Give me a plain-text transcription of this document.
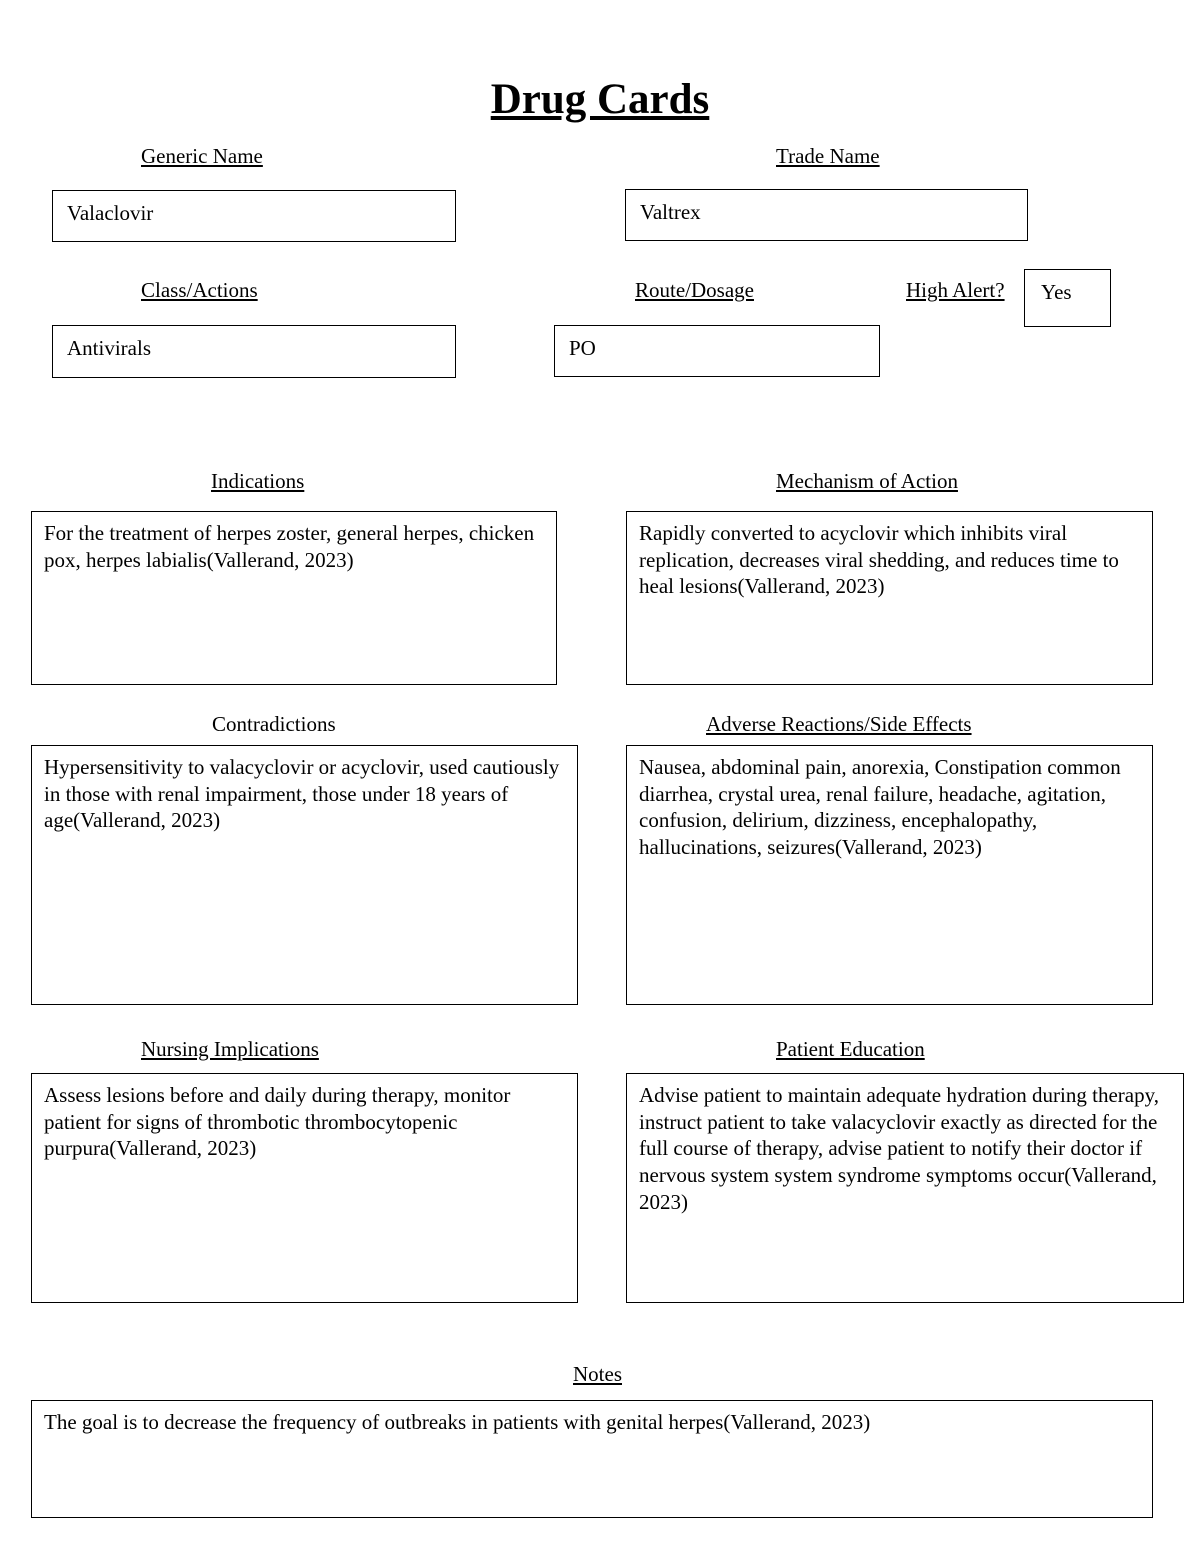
Drug Cards
Generic Name
Valaclovir
Trade Name
Valtrex
Class/Actions
Antivirals
Route/Dosage
PO
High Alert?	Yes
Indications
For the treatment of herpes zoster, general herpes, chicken pox, herpes labialis(Vallerand, 2023)
Mechanism of Action
Rapidly converted to acyclovir which inhibits viral replication, decreases viral shedding, and reduces time to heal lesions(Vallerand, 2023)
Contradictions
Hypersensitivity to valacyclovir or acyclovir, used cautiously in those with renal impairment, those under 18 years of age(Vallerand, 2023)
Adverse Reactions/Side Effects
Nausea, abdominal pain, anorexia, Constipation common diarrhea, crystal urea, renal failure, headache, agitation, confusion, delirium, dizziness, encephalopathy, hallucinations, seizures(Vallerand, 2023)
Nursing Implications
Assess lesions before and daily during therapy, monitor patient for signs of thrombotic thrombocytopenic purpura(Vallerand, 2023)
Patient Education
Advise patient to maintain adequate hydration during therapy, instruct patient to take valacyclovir exactly as directed for the full course of therapy, advise patient to notify their doctor if nervous system system syndrome symptoms occur(Vallerand, 2023)
Notes
The goal is to decrease the frequency of outbreaks in patients with genital herpes(Vallerand, 2023)
